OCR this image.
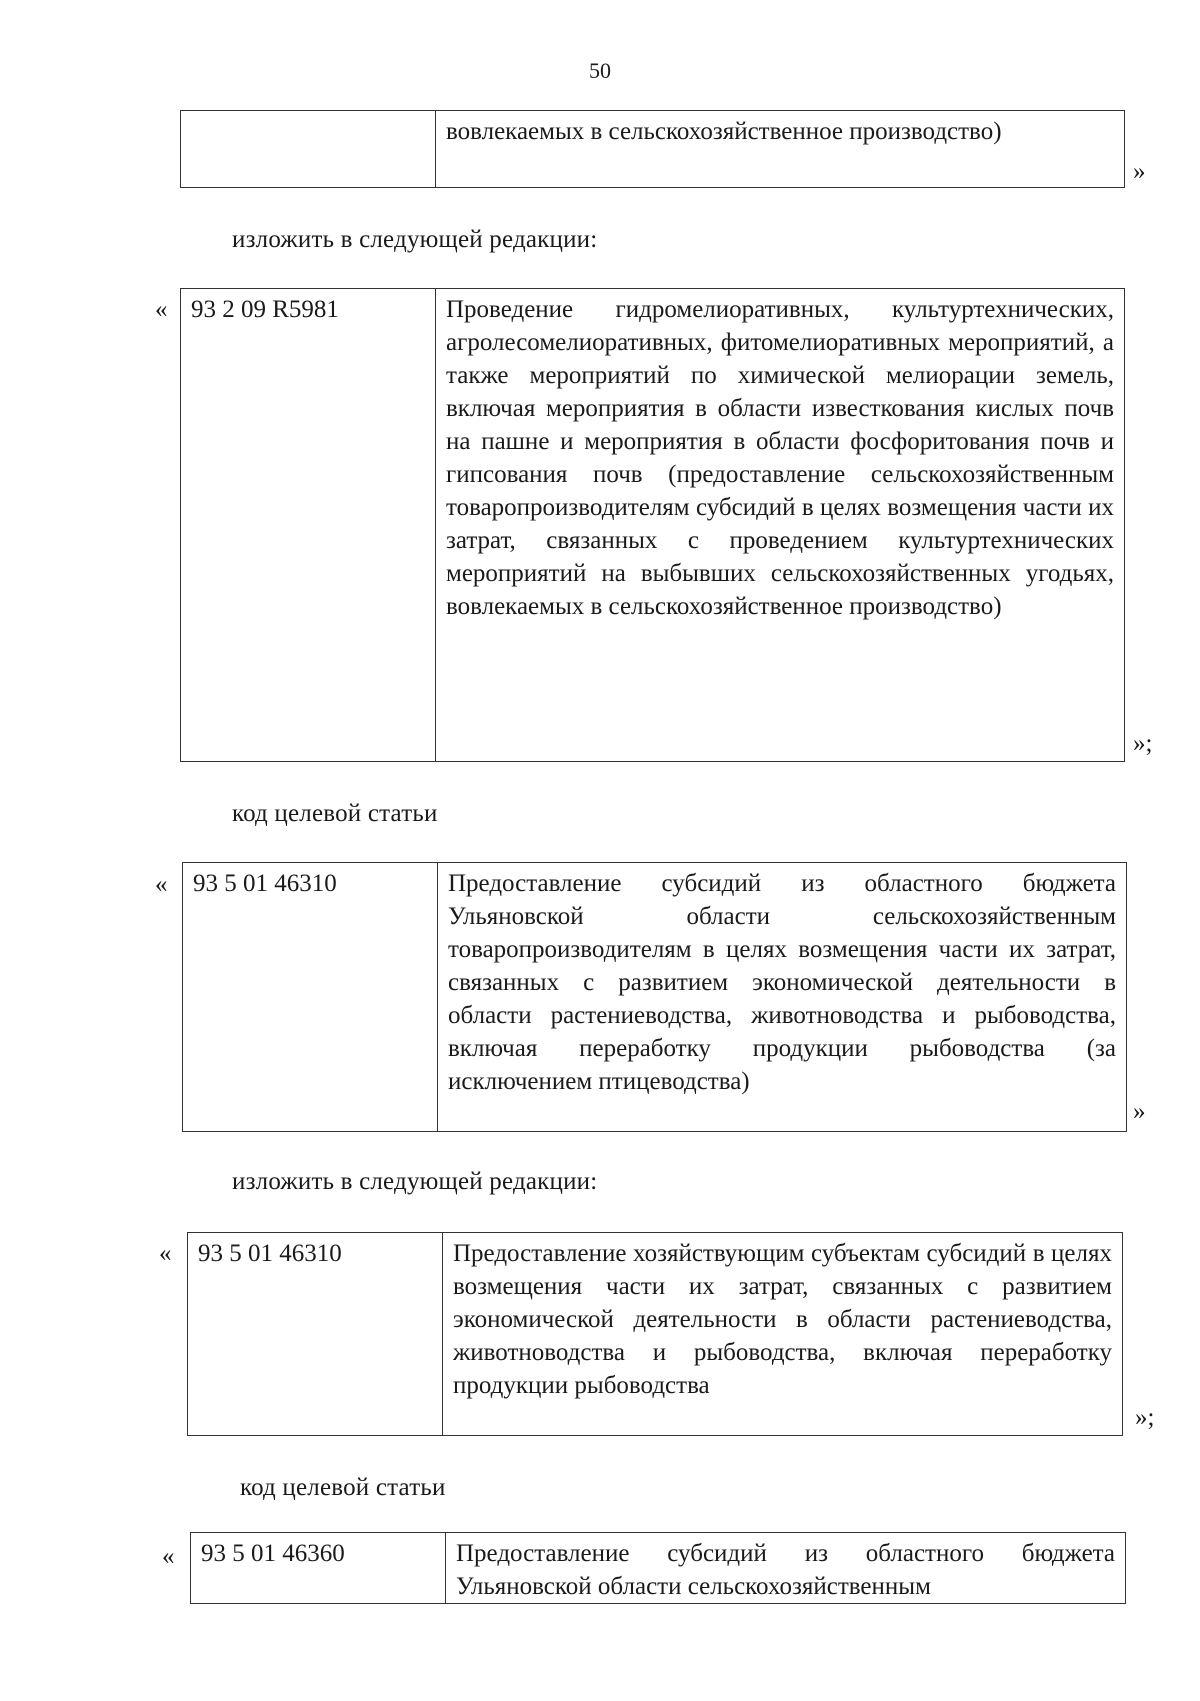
50
вовлекаемых в сельскохозяйственное производство)
»
изложить в следующей редакции:
« 93 2 09 R5981	Проведение гидромелиоративных, культуртехнических, агролесомелиоративных, фитомелиоративных мероприятий, а также мероприятий по химической мелиорации земель, включая мероприятия в области известкования кислых почв на пашне и мероприятия в области фосфоритования почв и гипсования почв (предоставление сельскохозяйственным товаропроизводителям субсидий в целях возмещения части их затрат, связанных с проведением культуртехнических мероприятий на выбывших сельскохозяйственных угодьях, вовлекаемых в сельскохозяйственное производство)
»;
код целевой статьи
«	93 5 01 46310	Предоставление субсидий из областного бюджета Ульяновской области сельскохозяйственным товаропроизводителям в целях возмещения части их затрат, связанных с развитием экономической деятельности в области растениеводства, животноводства и рыбоводства, включая переработку продукции рыбоводства (за исключением птицеводства)
»
изложить в следующей редакции:
«	93 5 01 46310	Предоставление хозяйствующим субъектам субсидий в целях возмещения части их затрат, связанных с развитием экономической деятельности в области растениеводства, животноводства и рыбоводства, включая переработку продукции рыбоводства
»;
код целевой статьи
«	93 5 01 46360	Предоставление субсидий из областного бюджета Ульяновской области сельскохозяйственным
